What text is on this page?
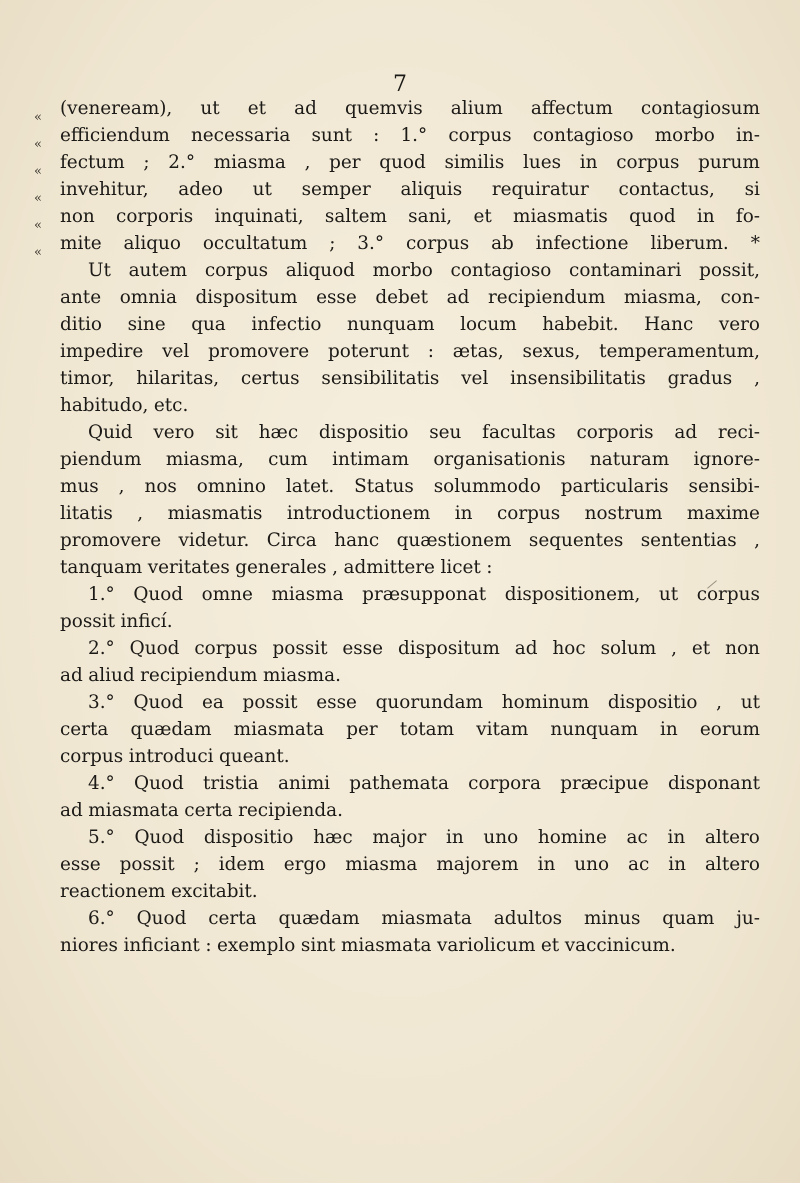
7
« (veneream), ut et ad quemvis alium affectum contagiosum
« efficiendum necessaria sunt : 1.° corpus contagioso morbo in-
« fectum ; 2.° miasma , per quod similis lues in corpus purum
« invehitur, adeo ut semper aliquis requiratur contactus, si
« non corporis inquinati, saltem sani, et miasmatis quod in fo-
« mite aliquo occultatum ; 3.° corpus ab infectione liberum. *
Ut autem corpus aliquod morbo contagioso contaminari possit,
ante omnia dispositum esse debet ad recipiendum miasma, con-
ditio sine qua infectio nunquam locum habebit. Hanc vero
impedire vel promovere poterunt : ætas, sexus, temperamentum,
timor, hilaritas, certus sensibilitatis vel insensibilitatis gradus ,
habitudo, etc.
Quid vero sit hæc dispositio seu facultas corporis ad reci-
piendum miasma, cum intimam organisationis naturam ignore-
mus , nos omnino latet. Status solummodo particularis sensibi-
litatis , miasmatis introductionem in corpus nostrum maxime
promovere videtur. Circa hanc quæstionem sequentes sententias ,
tanquam veritates generales , admittere licet :
1.° Quod omne miasma præsupponat dispositionem, ut corpus
possit inficí.
2.° Quod corpus possit esse dispositum ad hoc solum , et non
ad aliud recipiendum miasma.
3.° Quod ea possit esse quorundam hominum dispositio , ut
certa quædam miasmata per totam vitam nunquam in eorum
corpus introduci queant.
4.° Quod tristia animi pathemata corpora præcipue disponant
ad miasmata certa recipienda.
5.° Quod dispositio hæc major in uno homine ac in altero
esse possit ; idem ergo miasma majorem in uno ac in altero
reactionem excitabit.
6.° Quod certa quædam miasmata adultos minus quam ju-
niores inficiant : exemplo sint miasmata variolicum et vaccinicum.
